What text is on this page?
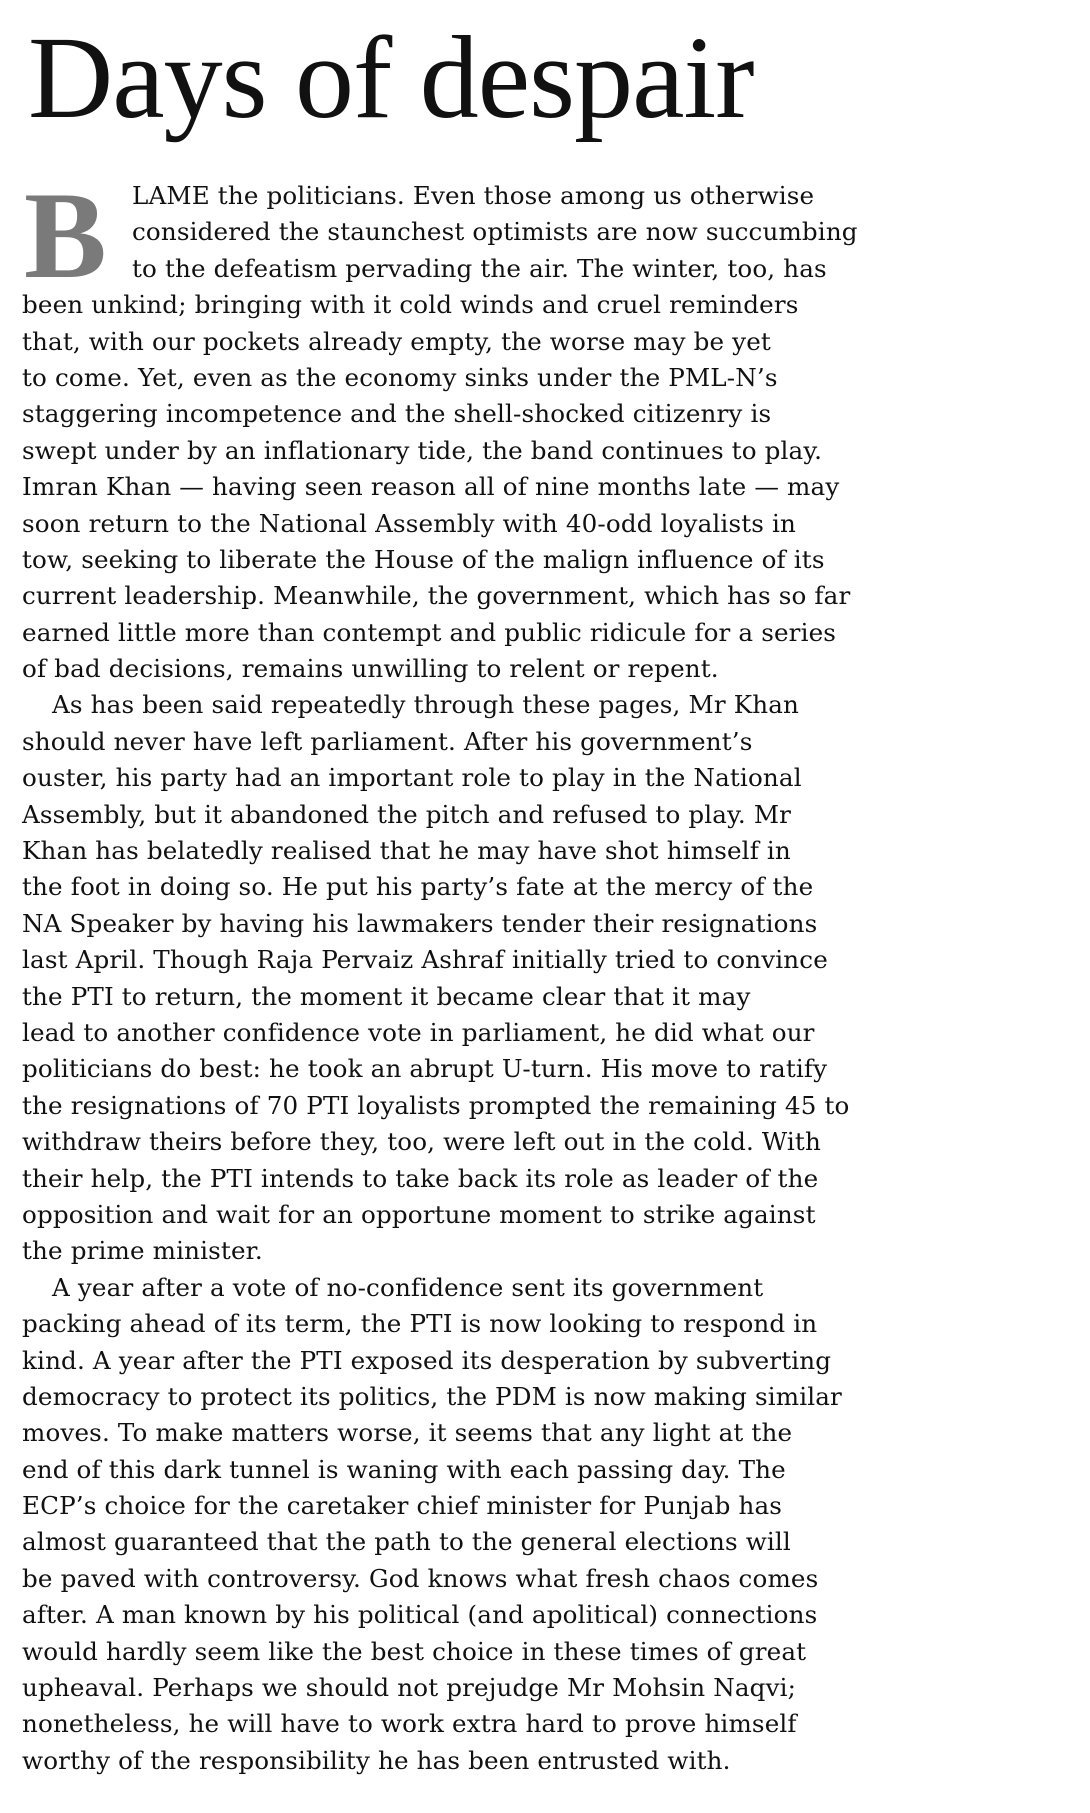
Days of despair
B	LAME the politicians. Even those among us otherwise
considered the staunchest optimists are now succumbing
to the defeatism pervading the air. The winter, too, has
been unkind; bringing with it cold winds and cruel reminders
that, with our pockets already empty, the worse may be yet
to come. Yet, even as the economy sinks under the PML-N’s
staggering incompetence and the shell-shocked citizenry is
swept under by an inflationary tide, the band continues to play.
Imran Khan — having seen reason all of nine months late — may
soon return to the National Assembly with 40-odd loyalists in
tow, seeking to liberate the House of the malign influence of its
current leadership. Meanwhile, the government, which has so far
earned little more than contempt and public ridicule for a series
of bad decisions, remains unwilling to relent or repent.
As has been said repeatedly through these pages, Mr Khan
should never have left parliament. After his government’s
ouster, his party had an important role to play in the National
Assembly, but it abandoned the pitch and refused to play. Mr
Khan has belatedly realised that he may have shot himself in
the foot in doing so. He put his party’s fate at the mercy of the
NA Speaker by having his lawmakers tender their resignations
last April. Though Raja Pervaiz Ashraf initially tried to convince
the PTI to return, the moment it became clear that it may
lead to another confidence vote in parliament, he did what our
politicians do best: he took an abrupt U-turn. His move to ratify
the resignations of 70 PTI loyalists prompted the remaining 45 to
withdraw theirs before they, too, were left out in the cold. With
their help, the PTI intends to take back its role as leader of the
opposition and wait for an opportune moment to strike against
the prime minister.
A year after a vote of no-confidence sent its government
packing ahead of its term, the PTI is now looking to respond in
kind. A year after the PTI exposed its desperation by subverting
democracy to protect its politics, the PDM is now making similar
moves. To make matters worse, it seems that any light at the
end of this dark tunnel is waning with each passing day. The
ECP’s choice for the caretaker chief minister for Punjab has
almost guaranteed that the path to the general elections will
be paved with controversy. God knows what fresh chaos comes
after. A man known by his political (and apolitical) connections
would hardly seem like the best choice in these times of great
upheaval. Perhaps we should not prejudge Mr Mohsin Naqvi;
nonetheless, he will have to work extra hard to prove himself
worthy of the responsibility he has been entrusted with.
